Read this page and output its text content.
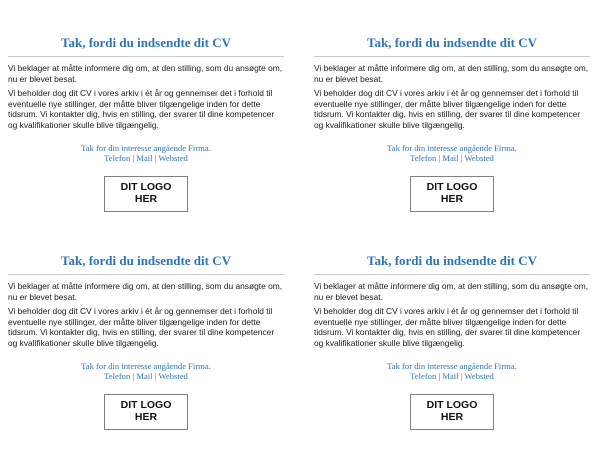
Tak, fordi du indsendte dit CV

Vi beklager at måtte informere dig om, at den stilling, som du ansøgte om, nu er blevet besat.

Vi beholder dog dit CV i vores arkiv i ét år og gennemser det i forhold til eventuelle nye stillinger, der måtte bliver tilgængelige inden for dette tidsrum. Vi kontakter dig, hvis en stilling, der svarer til dine kompetencer og kvalifikationer skulle blive tilgængelig.

Tak for din interesse angående Firma.
Telefon | Mail | Websted
DIT LOGO
HER
Tak, fordi du indsendte dit CV

Vi beklager at måtte informere dig om, at den stilling, som du ansøgte om, nu er blevet besat.

Vi beholder dog dit CV i vores arkiv i ét år og gennemser det i forhold til eventuelle nye stillinger, der måtte bliver tilgængelige inden for dette tidsrum. Vi kontakter dig, hvis en stilling, der svarer til dine kompetencer og kvalifikationer skulle blive tilgængelig.

Tak for din interesse angående Firma.
Telefon | Mail | Websted
DIT LOGO
HER
Tak, fordi du indsendte dit CV

Vi beklager at måtte informere dig om, at den stilling, som du ansøgte om, nu er blevet besat.

Vi beholder dog dit CV i vores arkiv i ét år og gennemser det i forhold til eventuelle nye stillinger, der måtte bliver tilgængelige inden for dette tidsrum. Vi kontakter dig, hvis en stilling, der svarer til dine kompetencer og kvalifikationer skulle blive tilgængelig.

Tak for din interesse angående Firma.
Telefon | Mail | Websted
DIT LOGO
HER
Tak, fordi du indsendte dit CV

Vi beklager at måtte informere dig om, at den stilling, som du ansøgte om, nu er blevet besat.

Vi beholder dog dit CV i vores arkiv i ét år og gennemser det i forhold til eventuelle nye stillinger, der måtte bliver tilgængelige inden for dette tidsrum. Vi kontakter dig, hvis en stilling, der svarer til dine kompetencer og kvalifikationer skulle blive tilgængelig.

Tak for din interesse angående Firma.
Telefon | Mail | Websted
DIT LOGO
HER
